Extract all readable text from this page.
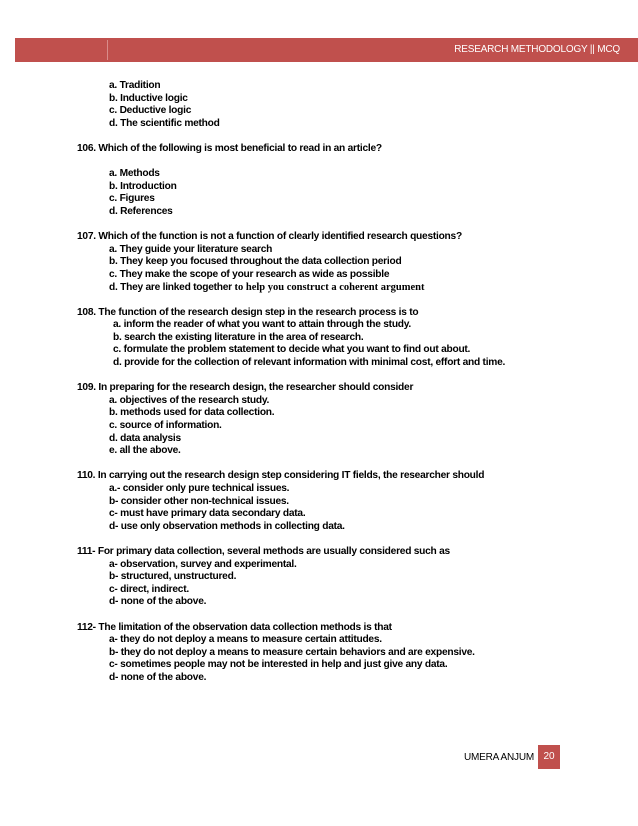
RESEARCH METHODOLOGY || MCQ
a. Tradition
b. Inductive logic
c. Deductive logic
d. The scientific method
106. Which of the following is most beneficial to read in an article?
a. Methods
b. Introduction
c. Figures
d. References
107. Which of the function is not a function of clearly identified research questions?
a. They guide your literature search
b. They keep you focused throughout the data collection period
c. They make the scope of your research as wide as possible
d. They are linked together to help you construct a coherent argument
108. The function of the research design step in the research process is to
a. inform the reader of what you want to attain through the study.
b. search the existing literature in the area of research.
c. formulate the problem statement to decide what you want to find out about.
d. provide for the collection of relevant information with minimal cost, effort and time.
109. In preparing for the research design, the researcher should consider
a. objectives of the research study.
b. methods used for data collection.
c. source of information.
d. data analysis
e. all the above.
110. In carrying out the research design step considering IT fields, the researcher should
a.- consider only pure technical issues.
b- consider other non-technical issues.
c- must have primary data secondary data.
d- use only observation methods in collecting data.
111- For primary data collection, several methods are usually considered such as
a- observation, survey and experimental.
b- structured, unstructured.
c- direct, indirect.
d- none of the above.
112- The limitation of the observation data collection methods is that
a- they do not deploy a means to measure certain attitudes.
b- they do not deploy a means to measure certain behaviors and are expensive.
c- sometimes people may not be interested in help and just give any data.
d- none of the above.
UMERA ANJUM 20
